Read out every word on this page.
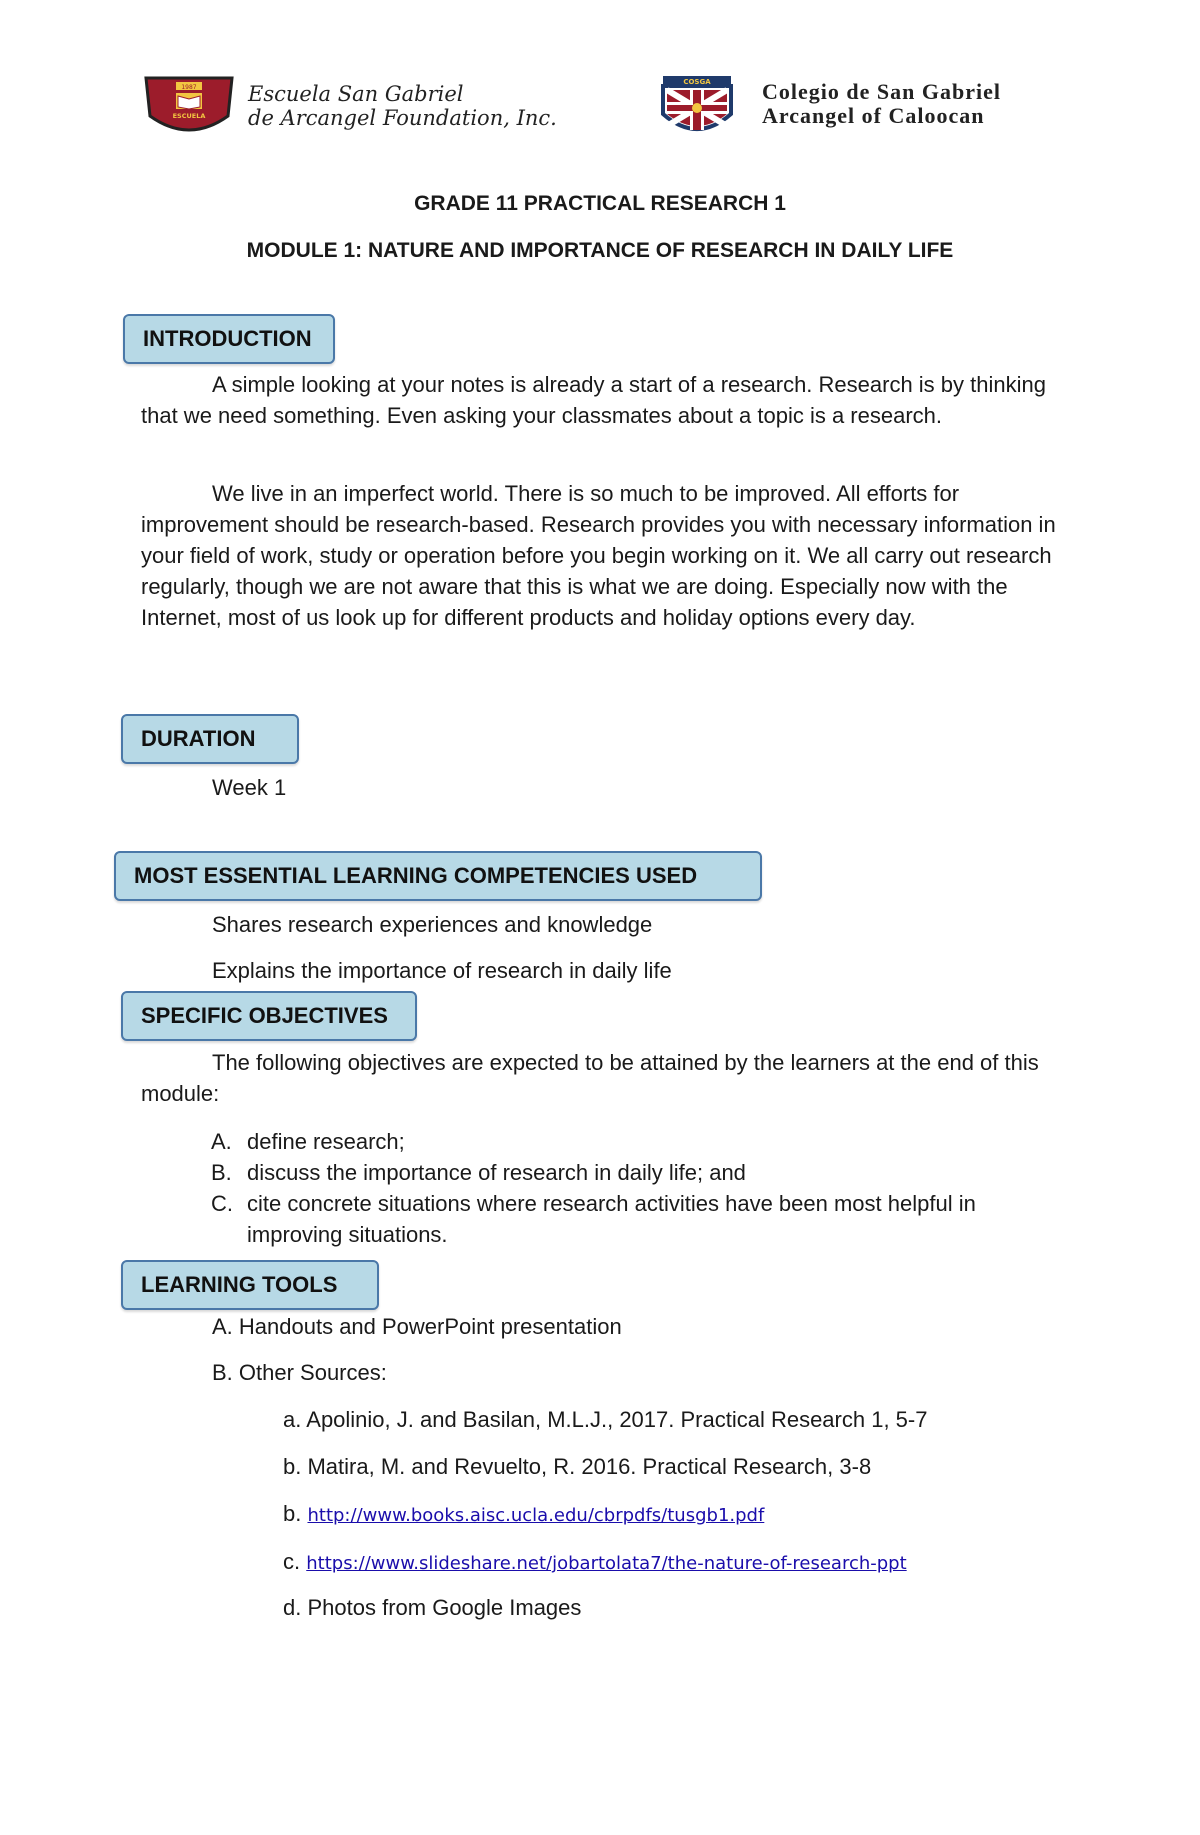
1987
ESCUELA
Escuela San Gabriel
de Arcangel Foundation, Inc.
COSGA Colegio de San Gabriel
Arcangel of Caloocan
GRADE 11 PRACTICAL RESEARCH 1
MODULE 1: NATURE AND IMPORTANCE OF RESEARCH IN DAILY LIFE
INTRODUCTION

A simple looking at your notes is already a start of a research. Research is by thinking that we need something. Even asking your classmates about a topic is a research.

We live in an imperfect world. There is so much to be improved. All efforts for improvement should be research-based. Research provides you with necessary information in your field of work, study or operation before you begin working on it. We all carry out research regularly, though we are not aware that this is what we are doing. Especially now with the Internet, most of us look up for different products and holiday options every day.

DURATION
Week 1
MOST ESSENTIAL LEARNING COMPETENCIES USED
Shares research experiences and knowledge
Explains the importance of research in daily life
SPECIFIC OBJECTIVES

The following objectives are expected to be attained by the learners at the end of this module:

A. define research;
B. discuss the importance of research in daily life; and
C. cite concrete situations where research activities have been most helpful in improving situations.
LEARNING TOOLS
A. Handouts and PowerPoint presentation
B. Other Sources:
a. Apolinio, J. and Basilan, M.L.J., 2017. Practical Research 1, 5-7
b. Matira, M. and Revuelto, R. 2016. Practical Research, 3-8
b. http://www.books.aisc.ucla.edu/cbrpdfs/tusgb1.pdf
c. https://www.slideshare.net/jobartolata7/the-nature-of-research-ppt
d. Photos from Google Images
